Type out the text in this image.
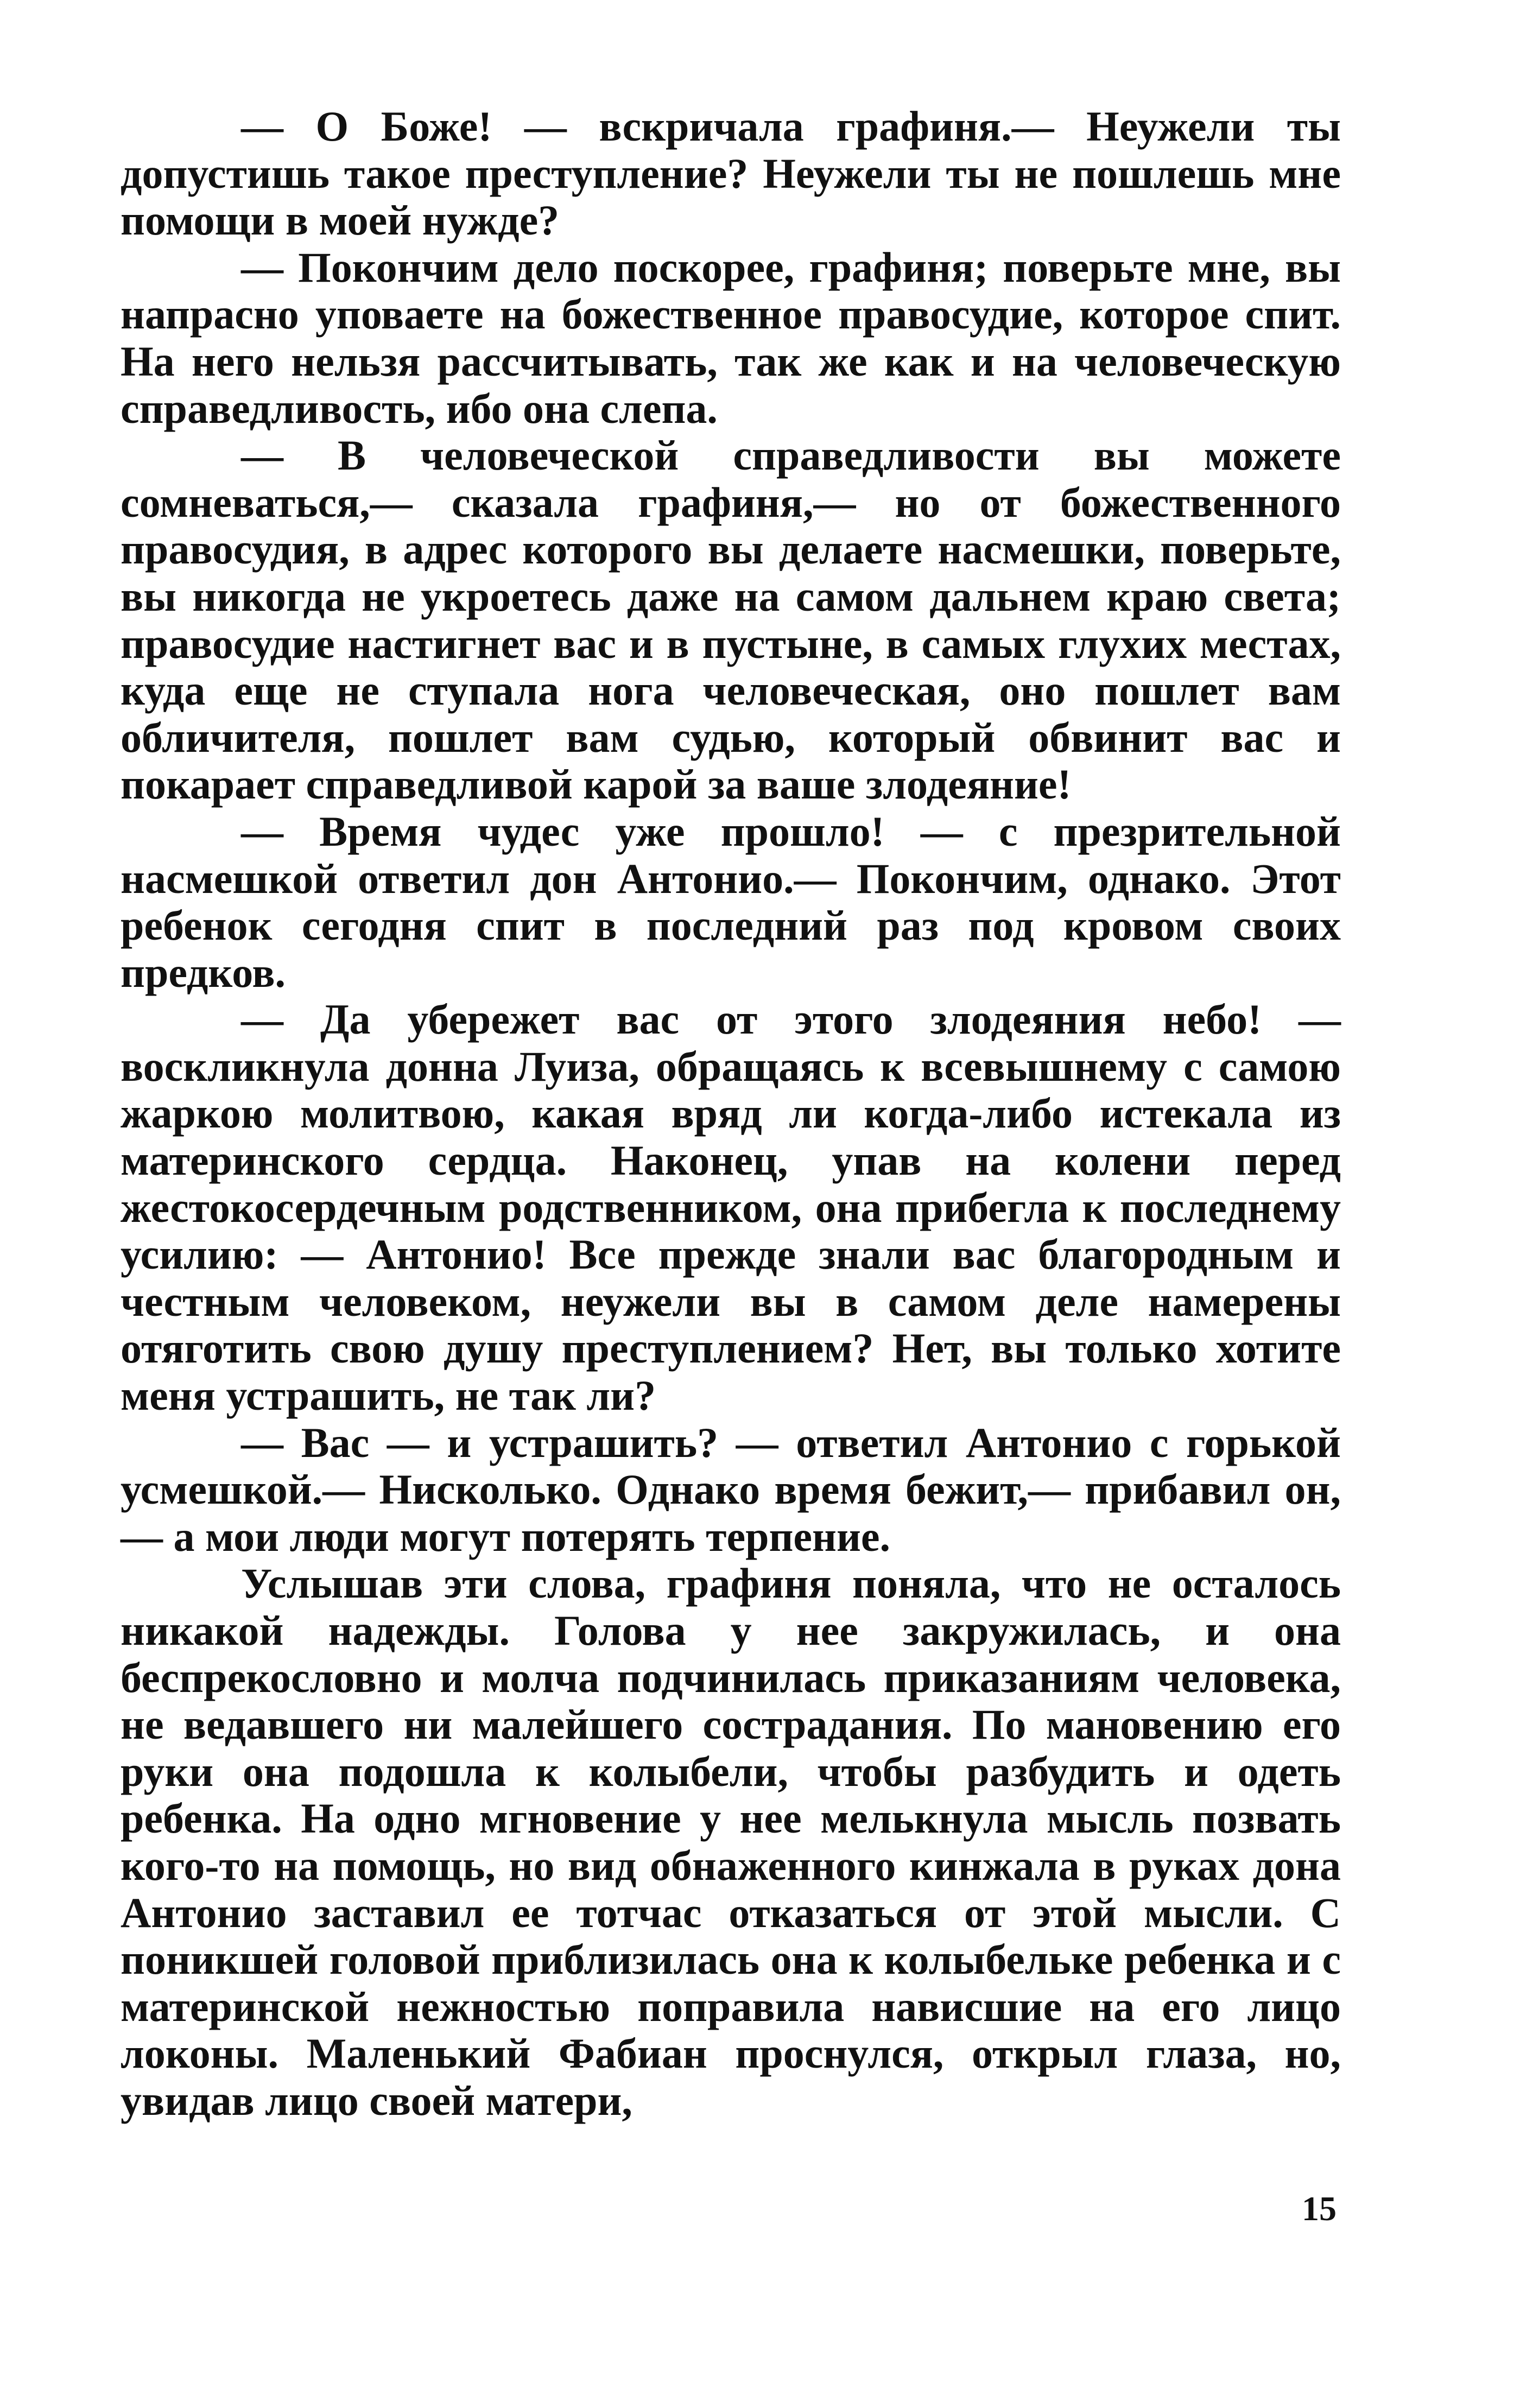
— О Боже! — вскричала графиня.— Неужели ты допустишь такое преступление? Неужели ты не пошлешь мне помощи в моей нужде?

— Покончим дело поскорее, графиня; поверьте мне, вы напрасно уповаете на божественное правосудие, которое спит. На него нельзя рассчитывать, так же как и на человеческую справедливость, ибо она слепа.

— В человеческой справедливости вы можете сомневаться,— сказала графиня,— но от божественного правосудия, в адрес которого вы делаете насмешки, поверьте, вы никогда не укроетесь даже на самом дальнем краю света; правосудие настигнет вас и в пустыне, в самых глухих местах, куда еще не ступала нога человеческая, оно пошлет вам обличителя, пошлет вам судью, который обвинит вас и покарает справедливой карой за ваше злодеяние!

— Время чудес уже прошло! — с презрительной насмешкой ответил дон Антонио.— Покончим, однако. Этот ребенок сегодня спит в последний раз под кровом своих предков.

— Да убережет вас от этого злодеяния небо! — воскликнула донна Луиза, обращаясь к всевышнему с самою жаркою молитвою, какая вряд ли когда-либо истекала из материнского сердца. Наконец, упав на колени перед жестокосердечным родственником, она прибегла к последнему усилию: — Антонио! Все прежде знали вас благородным и честным человеком, неужели вы в самом деле намерены отяготить свою душу преступлением? Нет, вы только хотите меня устрашить, не так ли?

— Вас — и устрашить? — ответил Антонио с горькой усмешкой.— Нисколько. Однако время бежит,— прибавил он,— а мои люди могут потерять терпение.

Услышав эти слова, графиня поняла, что не осталось никакой надежды. Голова у нее закружилась, и она беспрекословно и молча подчинилась приказаниям человека, не ведавшего ни малейшего сострадания. По мановению его руки она подошла к колыбели, чтобы разбудить и одеть ребенка. На одно мгновение у нее мелькнула мысль позвать кого-то на помощь, но вид обнаженного кинжала в руках дона Антонио заставил ее тотчас отказаться от этой мысли. С поникшей головой приблизилась она к колыбельке ребенка и с материнской нежностью поправила нависшие на его лицо локоны. Маленький Фабиан проснулся, открыл глаза, но, увидав лицо своей матери,

15
